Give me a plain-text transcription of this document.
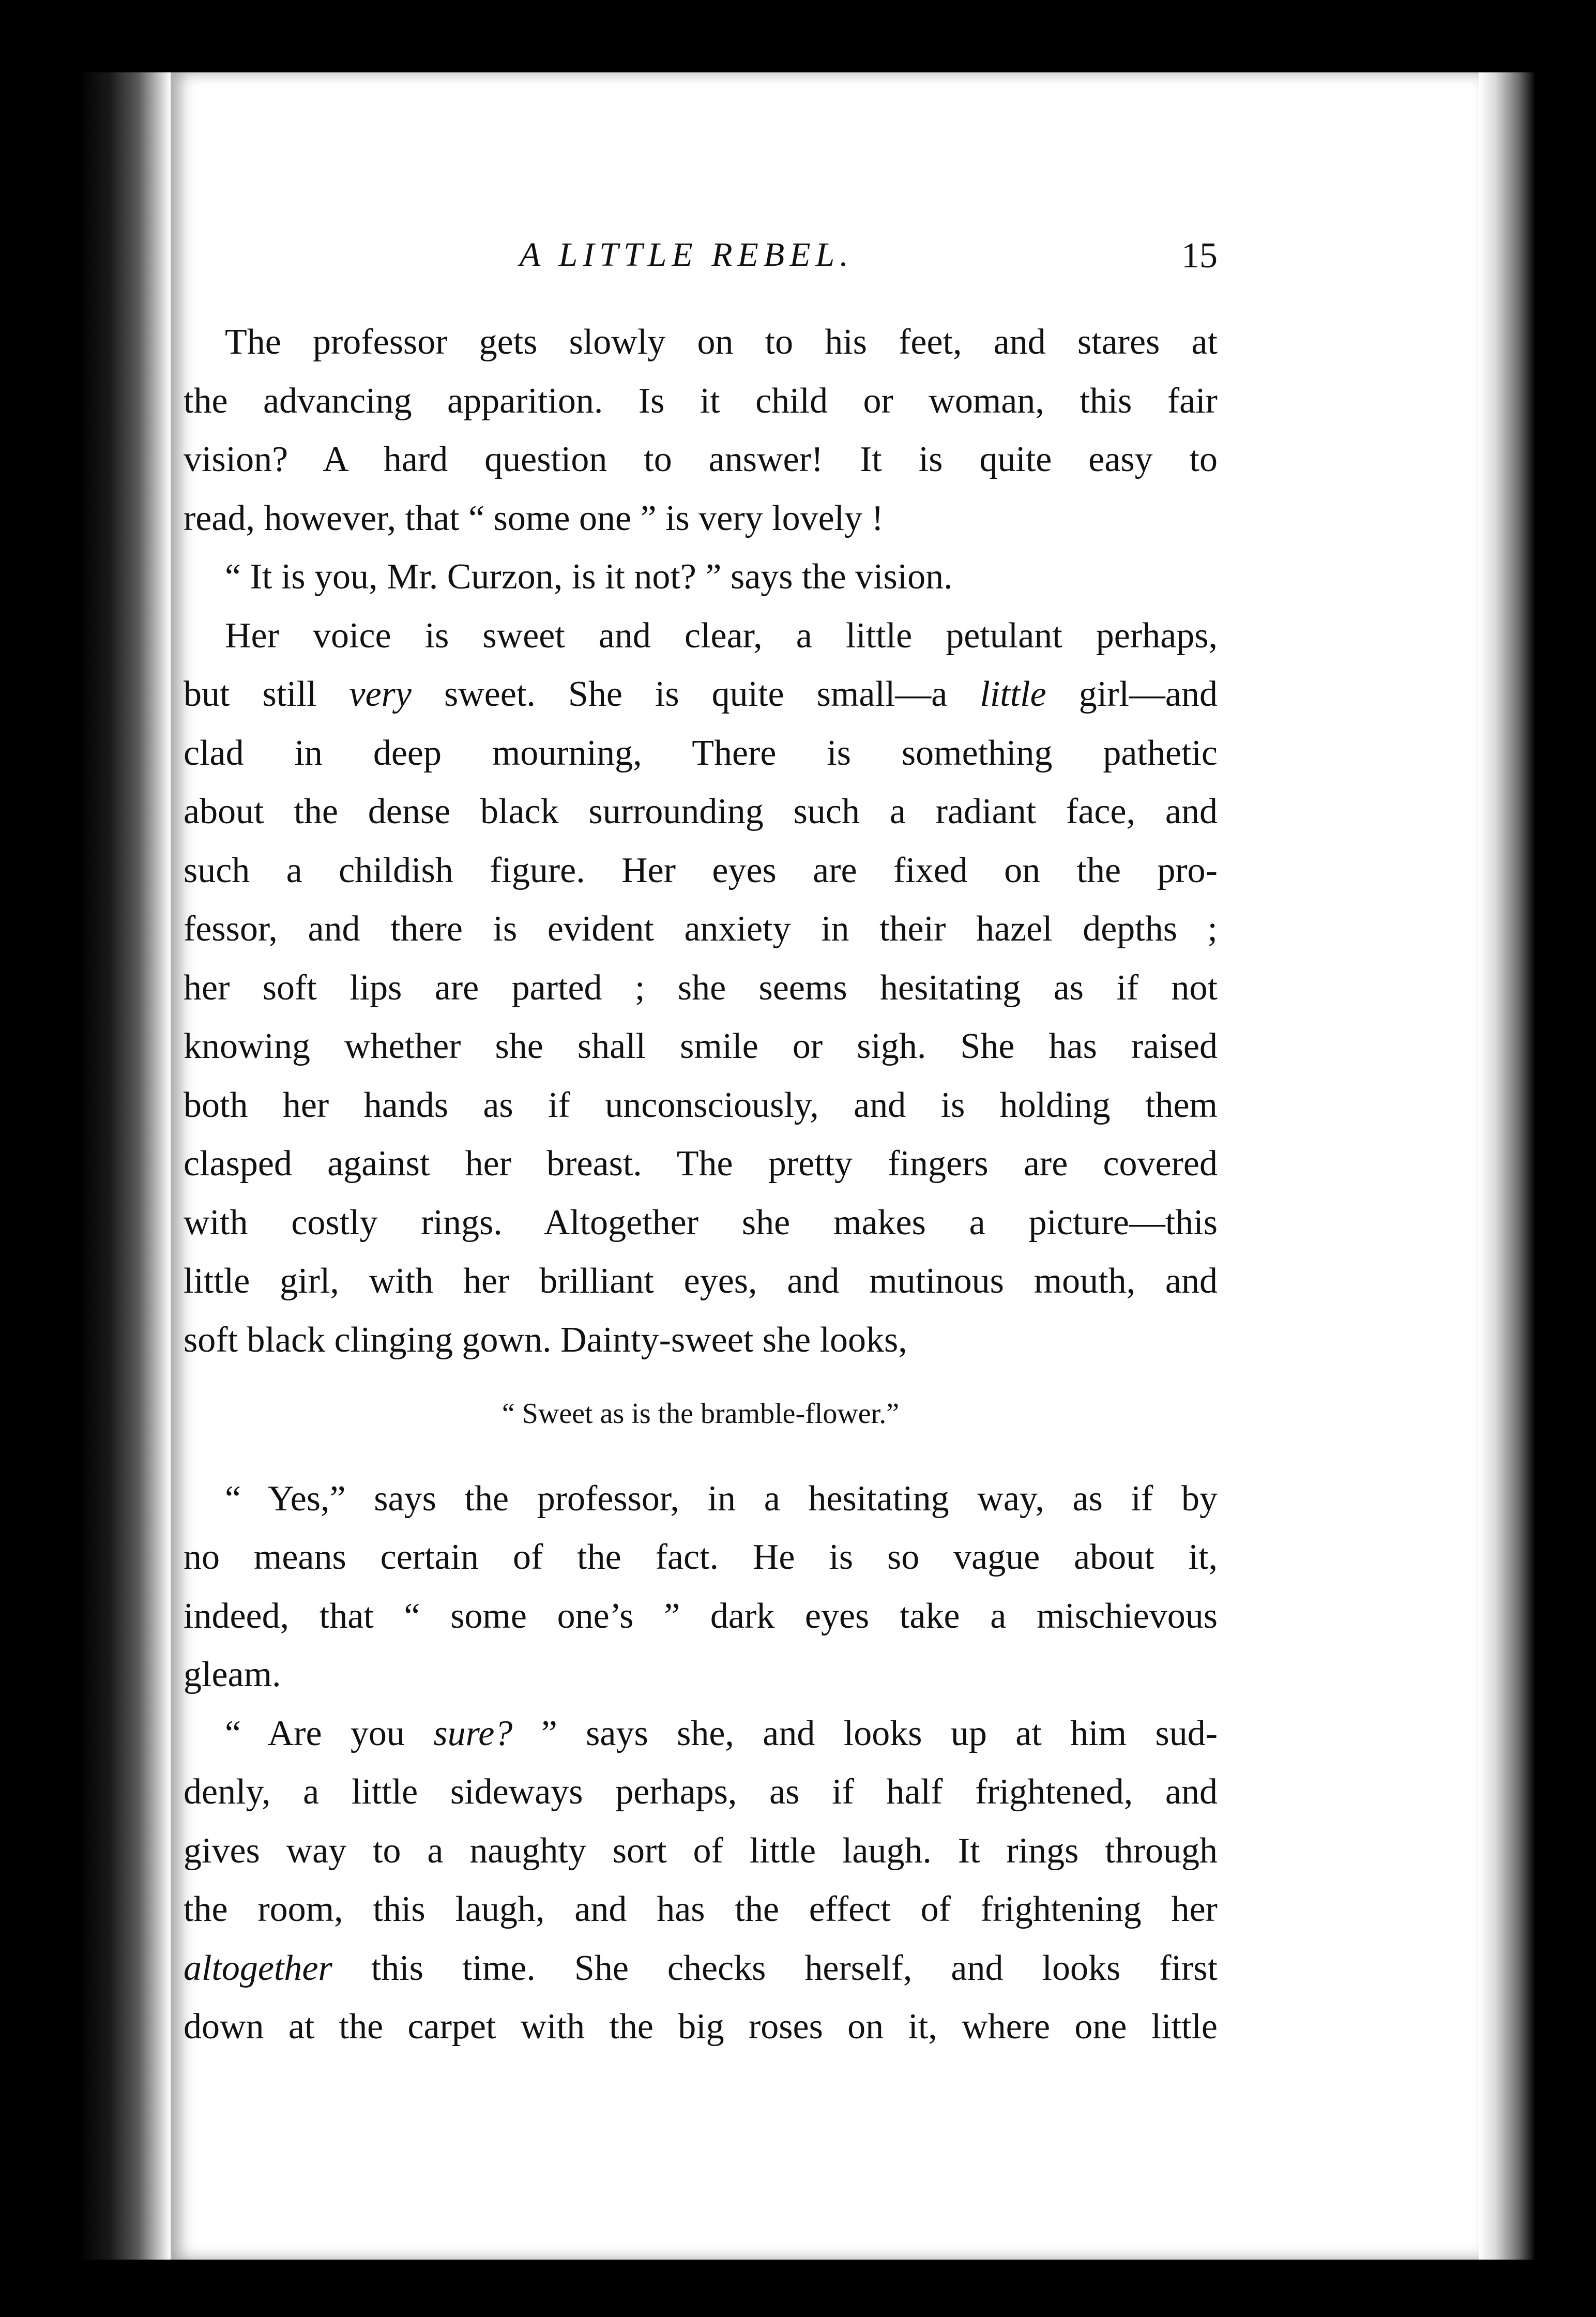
A LITTLE REBEL.	15
The professor gets slowly on to his feet, and stares at
the advancing apparition. Is it child or woman, this fair
vision? A hard question to answer! It is quite easy to
read, however, that “ some one ” is very lovely !
“ It is you, Mr. Curzon, is it not? ” says the vision.
Her voice is sweet and clear, a little petulant perhaps,
but still very sweet. She is quite small—a little girl—and
clad in deep mourning, There is something pathetic
about the dense black surrounding such a radiant face, and
such a childish figure. Her eyes are fixed on the pro-
fessor, and there is evident anxiety in their hazel depths ;
her soft lips are parted ; she seems hesitating as if not
knowing whether she shall smile or sigh. She has raised
both her hands as if unconsciously, and is holding them
clasped against her breast. The pretty fingers are covered
with costly rings. Altogether she makes a picture—this
little girl, with her brilliant eyes, and mutinous mouth, and
soft black clinging gown. Dainty-sweet she looks,
“ Sweet as is the bramble-flower.”
“ Yes,” says the professor, in a hesitating way, as if by
no means certain of the fact. He is so vague about it,
indeed, that “ some one’s ” dark eyes take a mischievous
gleam.
“ Are you sure? ” says she, and looks up at him sud-
denly, a little sideways perhaps, as if half frightened, and
gives way to a naughty sort of little laugh. It rings through
the room, this laugh, and has the effect of frightening her
altogether this time. She checks herself, and looks first
down at the carpet with the big roses on it, where one little
